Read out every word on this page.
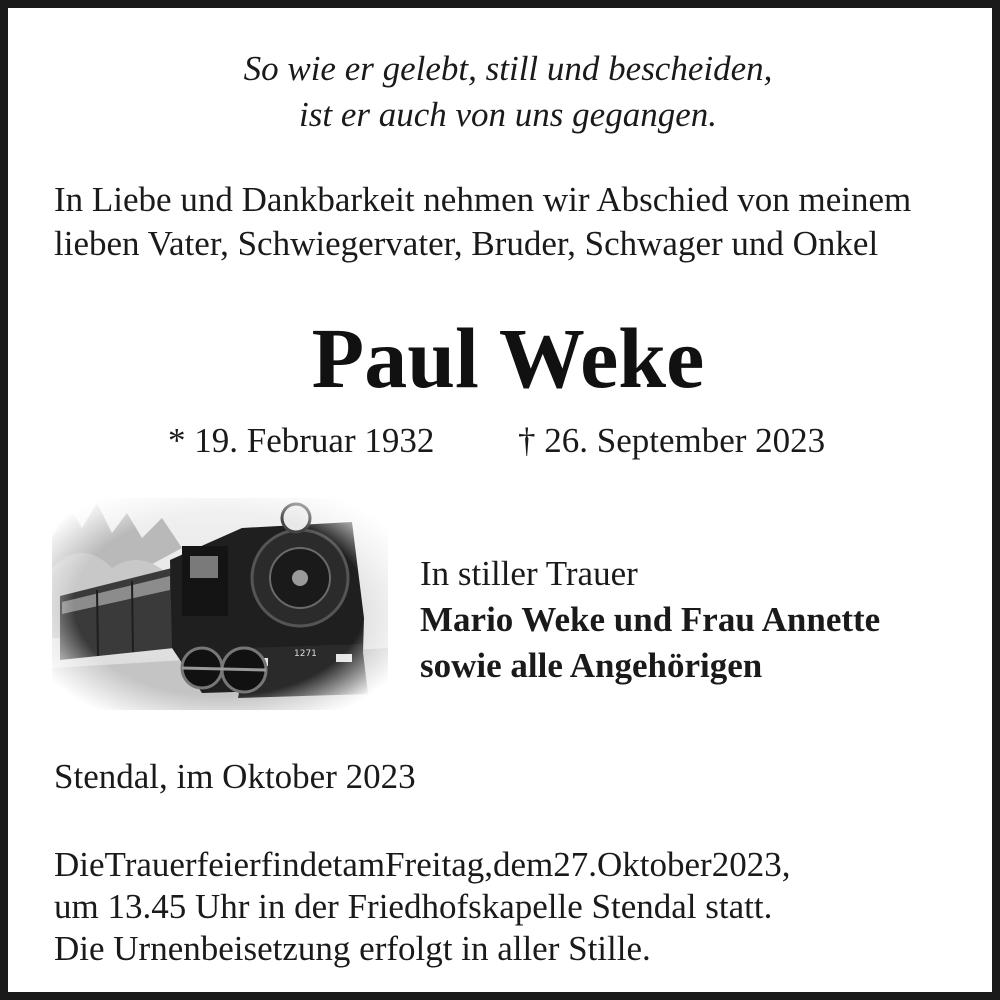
So wie er gelebt, still und bescheiden,
ist er auch von uns gegangen.
In Liebe und Dankbarkeit nehmen wir Abschied von meinem
lieben Vater, Schwiegervater, Bruder, Schwager und Onkel
Paul Weke
* 19. Februar 1932 † 26. September 2023
In stiller Trauer
Mario Weke und Frau Annette
sowie alle Angehörigen
Stendal, im Oktober 2023
DieTrauerfeierfindetamFreitag,dem27.Oktober2023,
um 13.45 Uhr in der Friedhofskapelle Stendal statt.
Die Urnenbeisetzung erfolgt in aller Stille.
